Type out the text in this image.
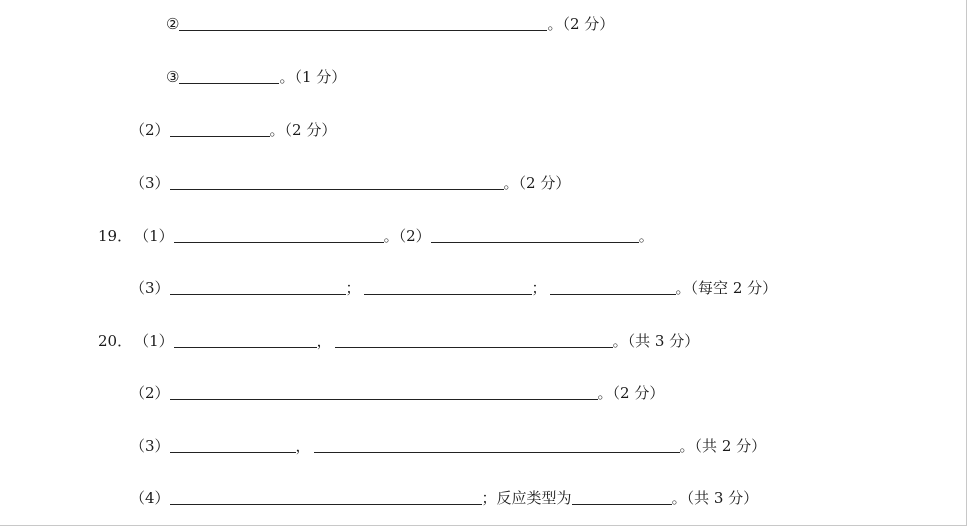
②	。（2 分）
③	。（1 分）
（2）	。（2 分）
（3）	。（2 分）
19． （1）	。（2）	。
（3）	；	；	。（每空 2 分）
20． （1）	，	。（共 3 分）
（2）	。（2 分）
（3）	，	。（共 2 分）
（4）	；反应类型为	。（共 3 分）
